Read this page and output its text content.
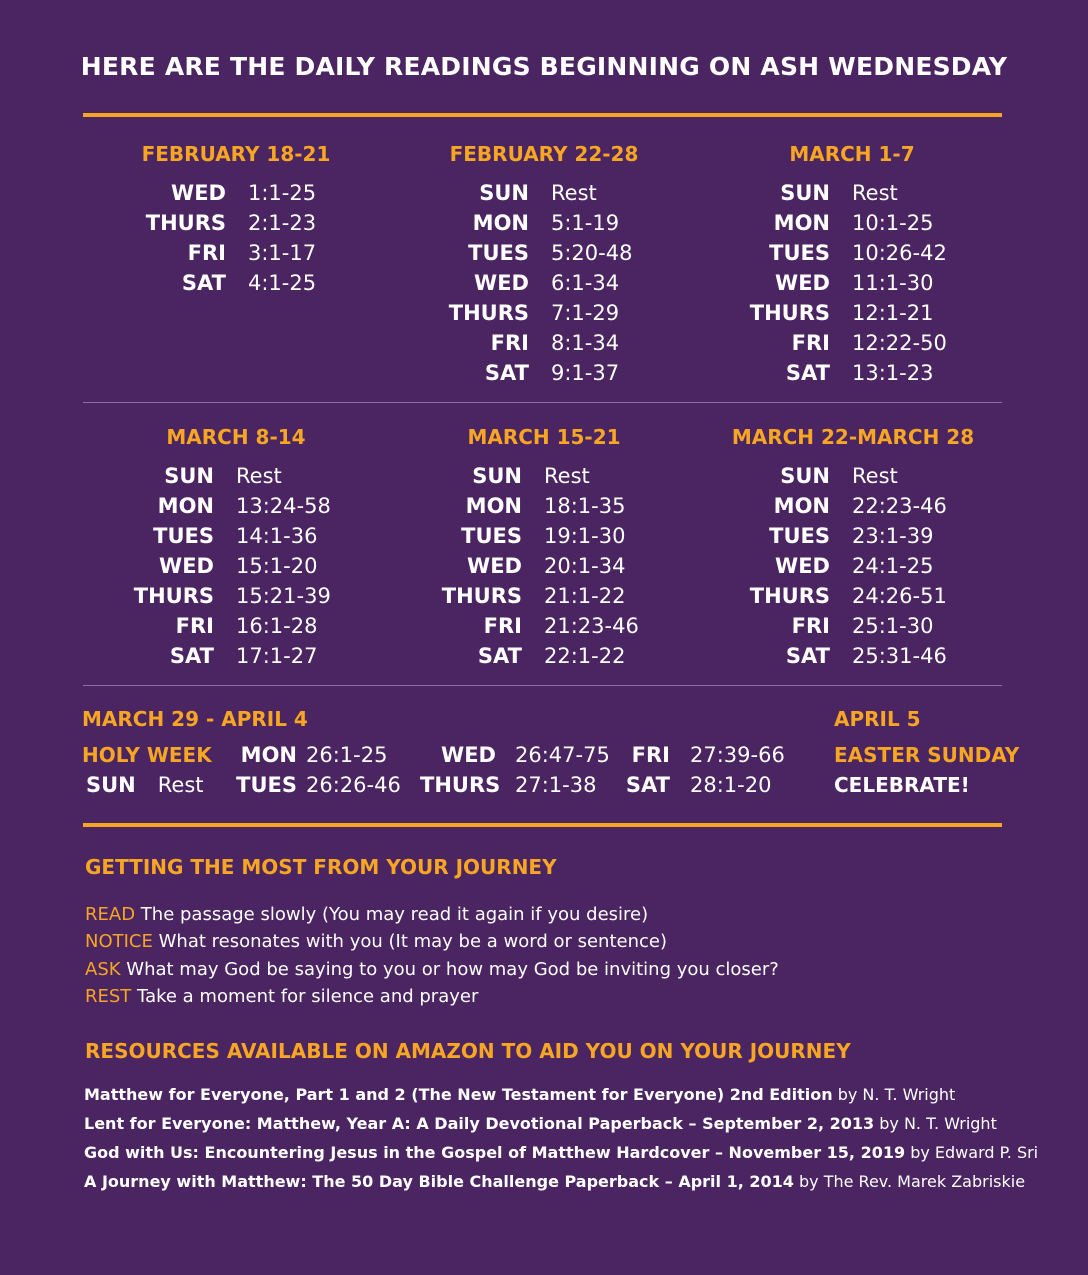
HERE ARE THE DAILY READINGS BEGINNING ON ASH WEDNESDAY
FEBRUARY 18-21
WED	1:1-25
THURS	2:1-23
FRI	3:1-17
SAT	4:1-25
FEBRUARY 22-28
SUN	Rest
MON	5:1-19
TUES	5:20-48
WED	6:1-34
THURS	7:1-29
FRI	8:1-34
SAT	9:1-37
MARCH 1-7
SUN	Rest
MON	10:1-25
TUES	10:26-42
WED	11:1-30
THURS	12:1-21
FRI	12:22-50
SAT	13:1-23
MARCH 8-14
SUN	Rest
MON	13:24-58
TUES	14:1-36
WED	15:1-20
THURS	15:21-39
FRI	16:1-28
SAT	17:1-27
MARCH 15-21
SUN	Rest
MON	18:1-35
TUES	19:1-30
WED	20:1-34
THURS	21:1-22
FRI	21:23-46
SAT	22:1-22
MARCH 22-MARCH 28
SUN	Rest
MON	22:23-46
TUES	23:1-39
WED	24:1-25
THURS	24:26-51
FRI	25:1-30
SAT	25:31-46
MARCH 29 - APRIL 4
HOLY WEEK
SUN Rest
MON 26:1-25
TUES 26:26-46
WED 26:47-75
THURS 27:1-38
FRI 27:39-66
SAT 28:1-20
APRIL 5
EASTER SUNDAY
CELEBRATE!
GETTING THE MOST FROM YOUR JOURNEY
READ The passage slowly (You may read it again if you desire)
NOTICE What resonates with you (It may be a word or sentence)
ASK What may God be saying to you or how may God be inviting you closer?
REST Take a moment for silence and prayer
RESOURCES AVAILABLE ON AMAZON TO AID YOU ON YOUR JOURNEY
Matthew for Everyone, Part 1 and 2 (The New Testament for Everyone) 2nd Edition by N. T. Wright
Lent for Everyone: Matthew, Year A: A Daily Devotional Paperback – September 2, 2013 by N. T. Wright
God with Us: Encountering Jesus in the Gospel of Matthew Hardcover – November 15, 2019 by Edward P. Sri
A Journey with Matthew: The 50 Day Bible Challenge Paperback – April 1, 2014 by The Rev. Marek Zabriskie
